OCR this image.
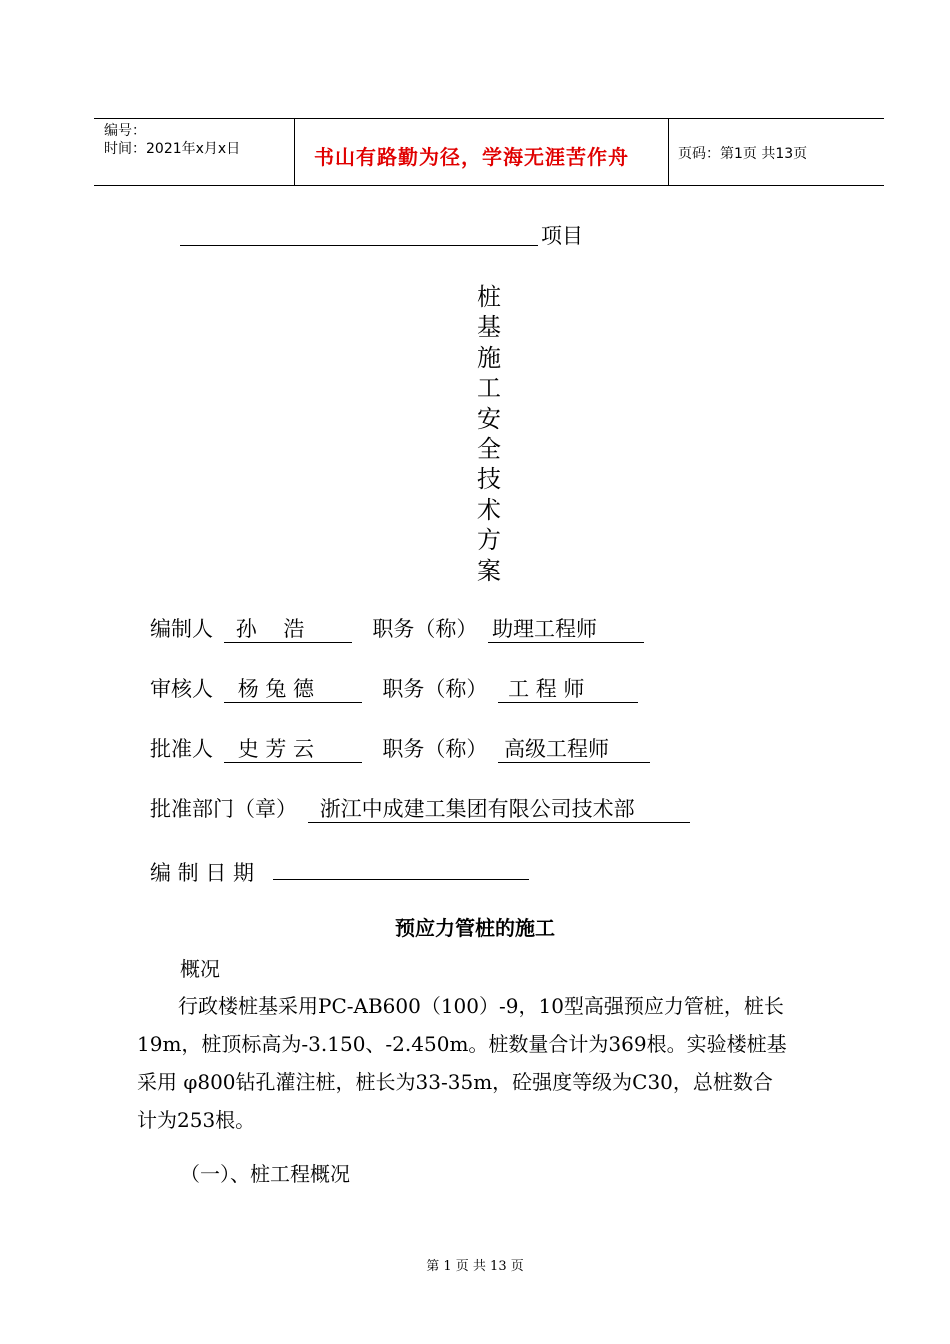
编号：
时间：2021年x月x日	书山有路勤为径，学海无涯苦作舟	页码：第1页 共13页
项目
桩
基
施
工
安
全
技
术
方
案
编制人 孙    浩	职务（称） 助理工程师
审核人 杨 兔 德	职务（称） 工 程 师
批准人 史 芳 云	职务（称） 高级工程师
批准部门（章） 浙江中成建工集团有限公司技术部
编 制 日 期
预应力管桩的施工
概况
行政楼桩基采用PC-AB600（100）-9，10型高强预应力管桩，桩长
19m，桩顶标高为-3.150、-2.450m。桩数量合计为369根。实验楼桩基
采用 φ800钻孔灌注桩，桩长为33-35m，砼强度等级为C30，总桩数合
计为253根。
（一）、桩工程概况
第 1 页 共 13 页
